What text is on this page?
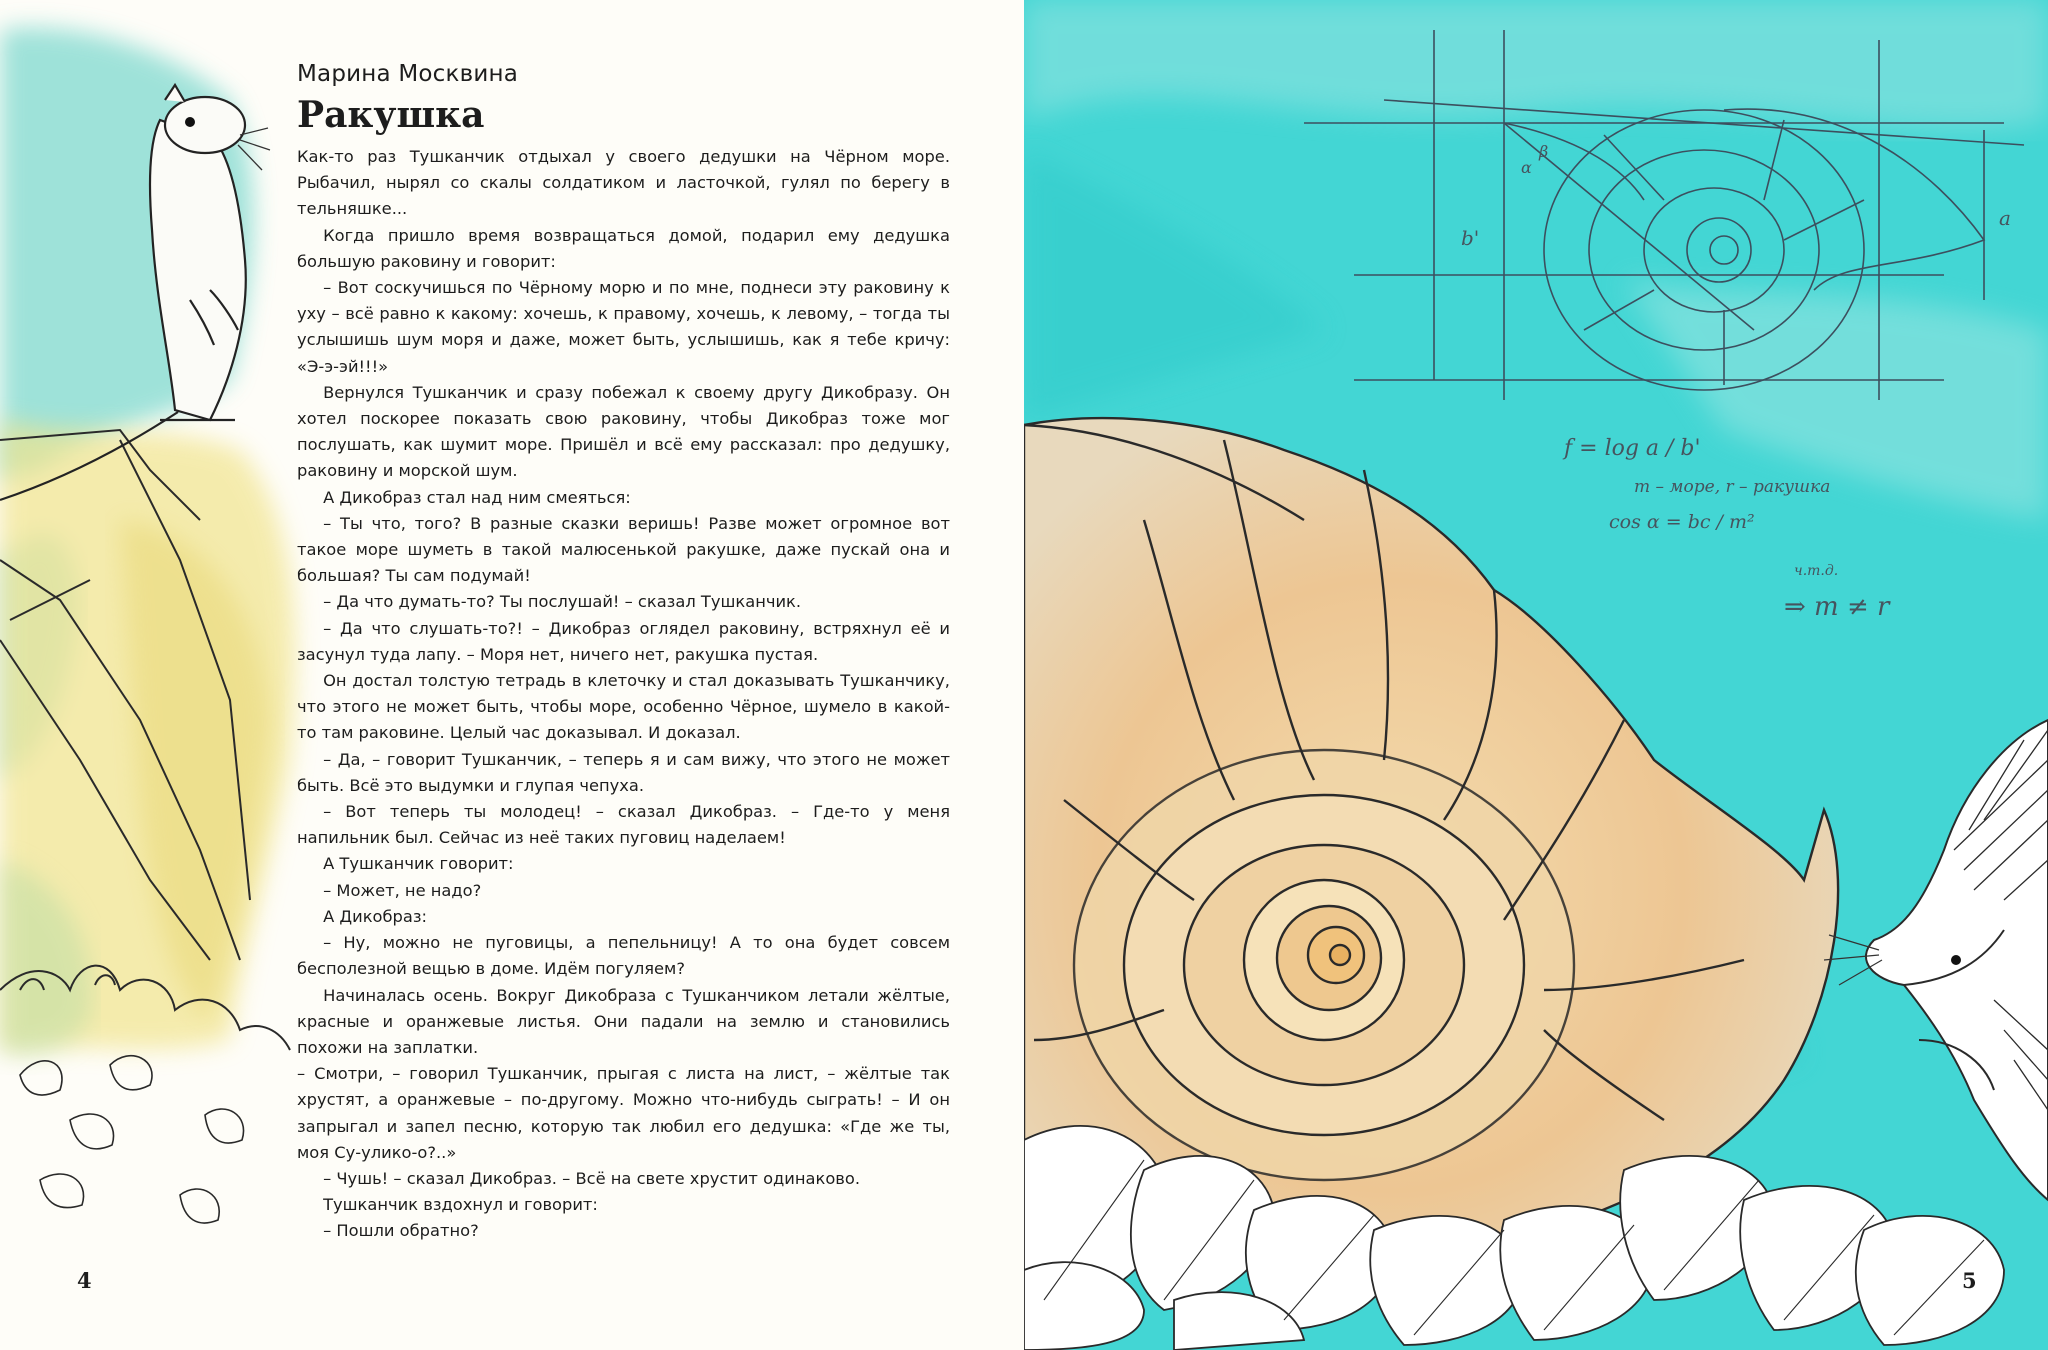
Марина Москвина

Ракушка

Как-то раз Тушканчик отдыхал у своего дедушки на Чёрном море. Рыбачил, нырял со скалы солдатиком и ласточкой, гулял по берегу в тельняшке...

Когда пришло время возвращаться домой, подарил ему дедушка большую раковину и говорит:

– Вот соскучишься по Чёрному морю и по мне, поднеси эту раковину к уху – всё равно к какому: хочешь, к правому, хочешь, к левому, – тогда ты услышишь шум моря и даже, может быть, услышишь, как я тебе кричу: «Э-э-эй!!!»

Вернулся Тушканчик и сразу побежал к своему другу Дикобразу. Он хотел поскорее показать свою раковину, чтобы Дикобраз тоже мог послушать, как шумит море. Пришёл и всё ему рассказал: про дедушку, раковину и морской шум.

А Дикобраз стал над ним смеяться:

– Ты что, того? В разные сказки веришь! Разве может огромное вот такое море шуметь в такой малюсенькой ракушке, даже пускай она и большая? Ты сам подумай!

– Да что думать-то? Ты послушай! – сказал Тушканчик.

– Да что слушать-то?! – Дикобраз оглядел раковину, встряхнул её и засунул туда лапу. – Моря нет, ничего нет, ракушка пустая.

Он достал толстую тетрадь в клеточку и стал доказывать Тушканчику, что этого не может быть, чтобы море, особенно Чёрное, шумело в какой-то там раковине. Целый час доказывал. И доказал.

– Да, – говорит Тушканчик, – теперь я и сам вижу, что этого не может быть. Всё это выдумки и глупая чепуха.

– Вот теперь ты молодец! – сказал Дикобраз. – Где-то у меня напильник был. Сейчас из неё таких пуговиц наделаем!

А Тушканчик говорит:

– Может, не надо?

А Дикобраз:

– Ну, можно не пуговицы, а пепельницу! А то она будет совсем бесполезной вещью в доме. Идём погуляем?

Начиналась осень. Вокруг Дикобраза с Тушканчиком летали жёлтые, красные и оранжевые листья. Они падали на землю и становились похожи на заплатки.

– Смотри, – говорил Тушканчик, прыгая с листа на лист, – жёлтые так хрустят, а оранжевые – по-другому. Можно что-нибудь сыграть! – И он запрыгал и запел песню, которую так любил его дедушка: «Где же ты, моя Су-улико-о?..»

– Чушь! – сказал Дикобраз. – Всё на свете хрустит одинаково.

Тушканчик вздохнул и говорит:

– Пошли обратно?

4
α
β
b'
a
f = log a / b'
m – море, r – ракушка
cos α = bc / m²
ч.т.д.
⇒ m ≠ r
5
